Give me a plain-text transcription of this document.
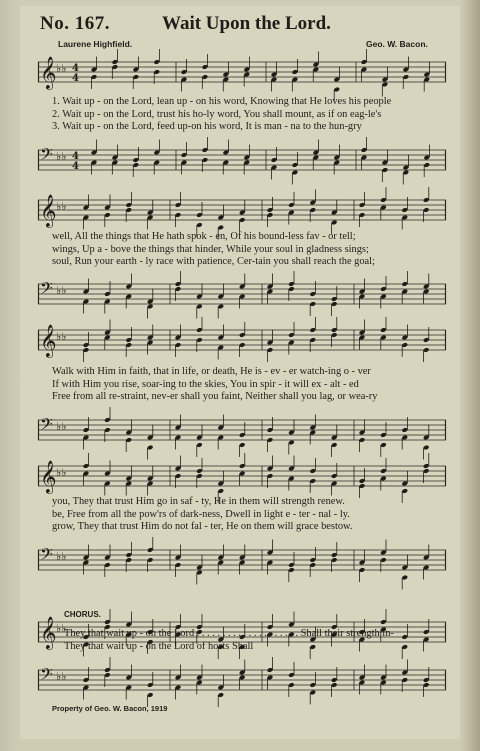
No. 167.	Wait Upon the Lord.
Laurene Highfield.	Geo. W. Bacon.
𝄞 ♭♭ 4
4
1. Wait up - on the Lord, lean up - on his word, Knowing that He loves his people
2. Wait up - on the Lord, trust his ho-ly word, You shall mount, as if on eag-le's
3. Wait up - on the Lord, feed up-on his word, It is man - na to the hun-gry
𝄢 ♭♭ 4
4
𝄞 ♭♭
well, All the things that He hath spok - en, Of his bound-less fav - or tell;
wings, Up a - bove the things that hinder, While your soul in gladness sings;
soul, Run your earth - ly race with patience, Cer-tain you shall reach the goal;
𝄢 ♭♭
𝄞 ♭♭
Walk with Him in faith, that in life, or death, He is - ev - er watch-ing o - ver
If with Him you rise, soar-ing to the skies, You in spir - it will ex - alt - ed
Free from all re-straint, nev-er shall you faint, Neither shall you lag, or wea-ry
𝄢 ♭♭
𝄞 ♭♭
you, They that trust Him go in saf - ty, He in them will strength renew.
be, Free from all the pow'rs of dark-ness, Dwell in light e - ter - nal - ly.
grow, They that trust Him do not fal - ter, He on them will grace bestow.
𝄢 ♭♭
CHORUS.
𝄞 ♭♭
They that wait up - on the Lord . . . . . . . . . . . . . . . . . . . . Shall their strength in-
They that wait up - on the Lord of hosts Shall
𝄢 ♭♭
Property of Geo. W. Bacon, 1919
